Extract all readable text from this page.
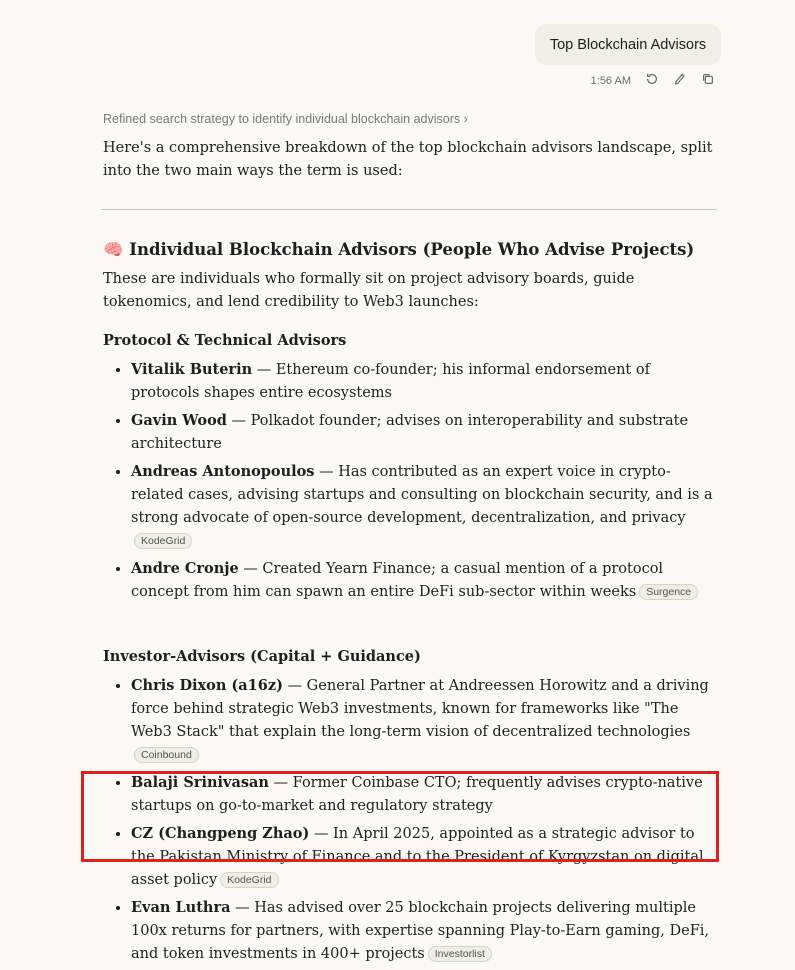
Top Blockchain Advisors
1:56 AM
Refined search strategy to identify individual blockchain advisors ›

Here's a comprehensive breakdown of the top blockchain advisors landscape, split into the two main ways the term is used:

🧠 Individual Blockchain Advisors (People Who Advise Projects)

These are individuals who formally sit on project advisory boards, guide tokenomics, and lend credibility to Web3 launches:

Protocol & Technical Advisors
• Vitalik Buterin — Ethereum co-founder; his informal endorsement of protocols shapes entire ecosystems
• Gavin Wood — Polkadot founder; advises on interoperability and substrate architecture
• Andreas Antonopoulos — Has contributed as an expert voice in crypto-related cases, advising startups and consulting on blockchain security, and is a strong advocate of open-source development, decentralization, and privacyKodeGrid
• Andre Cronje — Created Yearn Finance; a casual mention of a protocol concept from him can spawn an entire DeFi sub-sector within weeks Surgence
Investor-Advisors (Capital + Guidance)
• Chris Dixon (a16z) — General Partner at Andreessen Horowitz and a driving force behind strategic Web3 investments, known for frameworks like "The Web3 Stack" that explain the long-term vision of decentralized technologiesCoinbound
• Balaji Srinivasan — Former Coinbase CTO; frequently advises crypto-native startups on go-to-market and regulatory strategy
• CZ (Changpeng Zhao) — In April 2025, appointed as a strategic advisor to the Pakistan Ministry of Finance and to the President of Kyrgyzstan on digital asset policy KodeGrid
• Evan Luthra — Has advised over 25 blockchain projects delivering multiple 100x returns for partners, with expertise spanning Play-to-Earn gaming, DeFi, and token investments in 400+ projects Investorlist
